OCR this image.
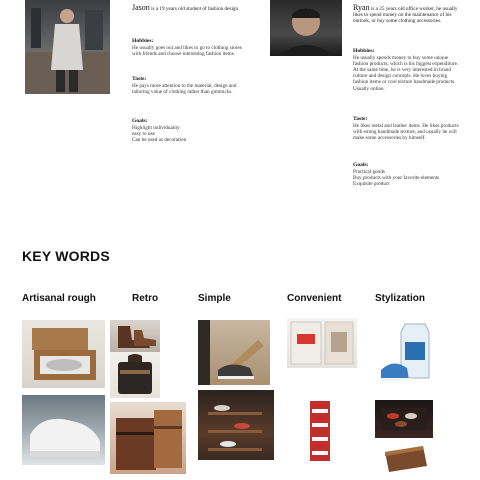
Jason is a 19 years old student of fashion design.

Hobbies:

He usually goes out and likes to go to clothing stores with friends and choose interesting fashion items.

Taste:

He pays more attention to the material, design and tailoring value of clothing rather than gimmicks.

Goals:

Highlight individuality
easy to use
Can be used as decoration

Ryan is a 25 years old office worker, he usually likes to spend money on the maintenance of his outlook, or buy some clothing accessories.

Hobbies:

He usually spends money to buy some unique fashion products, which is his biggest expenditure. At the same time, he is very interested in brand culture and design concepts. He loves buying fashion items or cool texture handmade products. Usually online.

Taste:

He likes metal and leather items. He likes products with strong handmade texture, and usually he will make some accessories by himself.

Goals:

Practical goods
Buy products with your favorite elements
Exquisite product

KEY WORDS
Artisanal rough	Retro	Simple	Convenient	Stylization
